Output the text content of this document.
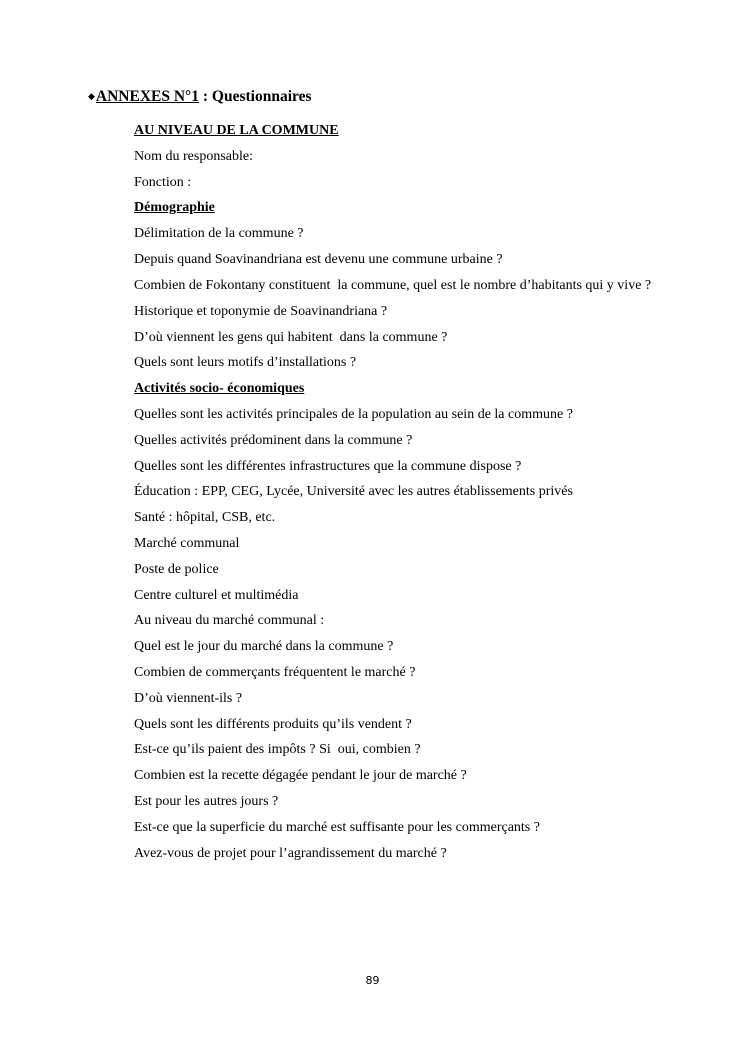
◆ANNEXES N°1 : Questionnaires
AU NIVEAU DE LA COMMUNE
Nom du responsable:
Fonction :
Démographie
Délimitation de la commune ?
Depuis quand Soavinandriana est devenu une commune urbaine ?
Combien de Fokontany constituent  la commune, quel est le nombre d’habitants qui y vive ?
Historique et toponymie de Soavinandriana ?
D’où viennent les gens qui habitent  dans la commune ?
Quels sont leurs motifs d’installations ?
Activités socio- économiques
Quelles sont les activités principales de la population au sein de la commune ?
Quelles activités prédominent dans la commune ?
Quelles sont les différentes infrastructures que la commune dispose ?
Éducation : EPP, CEG, Lycée, Université avec les autres établissements privés
Santé : hôpital, CSB, etc.
Marché communal
Poste de police
Centre culturel et multimédia
Au niveau du marché communal :
Quel est le jour du marché dans la commune ?
Combien de commerçants fréquentent le marché ?
D’où viennent-ils ?
Quels sont les différents produits qu’ils vendent ?
Est-ce qu’ils paient des impôts ? Si  oui, combien ?
Combien est la recette dégagée pendant le jour de marché ?
Est pour les autres jours ?
Est-ce que la superficie du marché est suffisante pour les commerçants ?
Avez-vous de projet pour l’agrandissement du marché ?
89
